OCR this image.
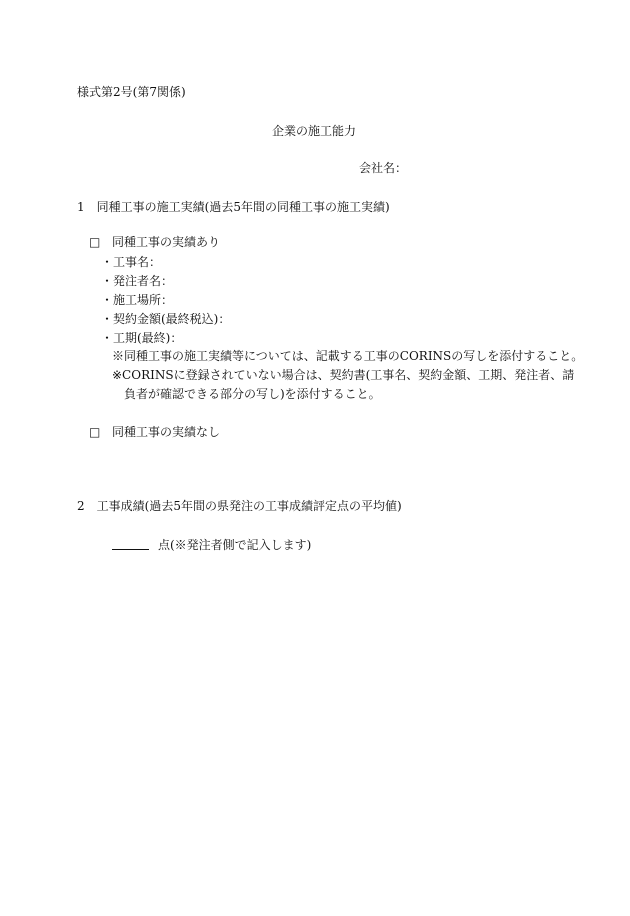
様式第2号(第7関係)
企業の施工能力
会社名：
1　同種工事の施工実績(過去5年間の同種工事の施工実績)
□ 同種工事の実績あり
・工事名：
・発注者名：
・施工場所：
・契約金額(最終税込)：
・工期(最終)：
※同種工事の施工実績等については、記載する工事のCORINSの写しを添付すること。
※CORINSに登録されていない場合は、契約書(工事名、契約金額、工期、発注者、請
負者が確認できる部分の写し)を添付すること。
□ 同種工事の実績なし
2　工事成績(過去5年間の県発注の工事成績評定点の平均値)
点(※発注者側で記入します)
